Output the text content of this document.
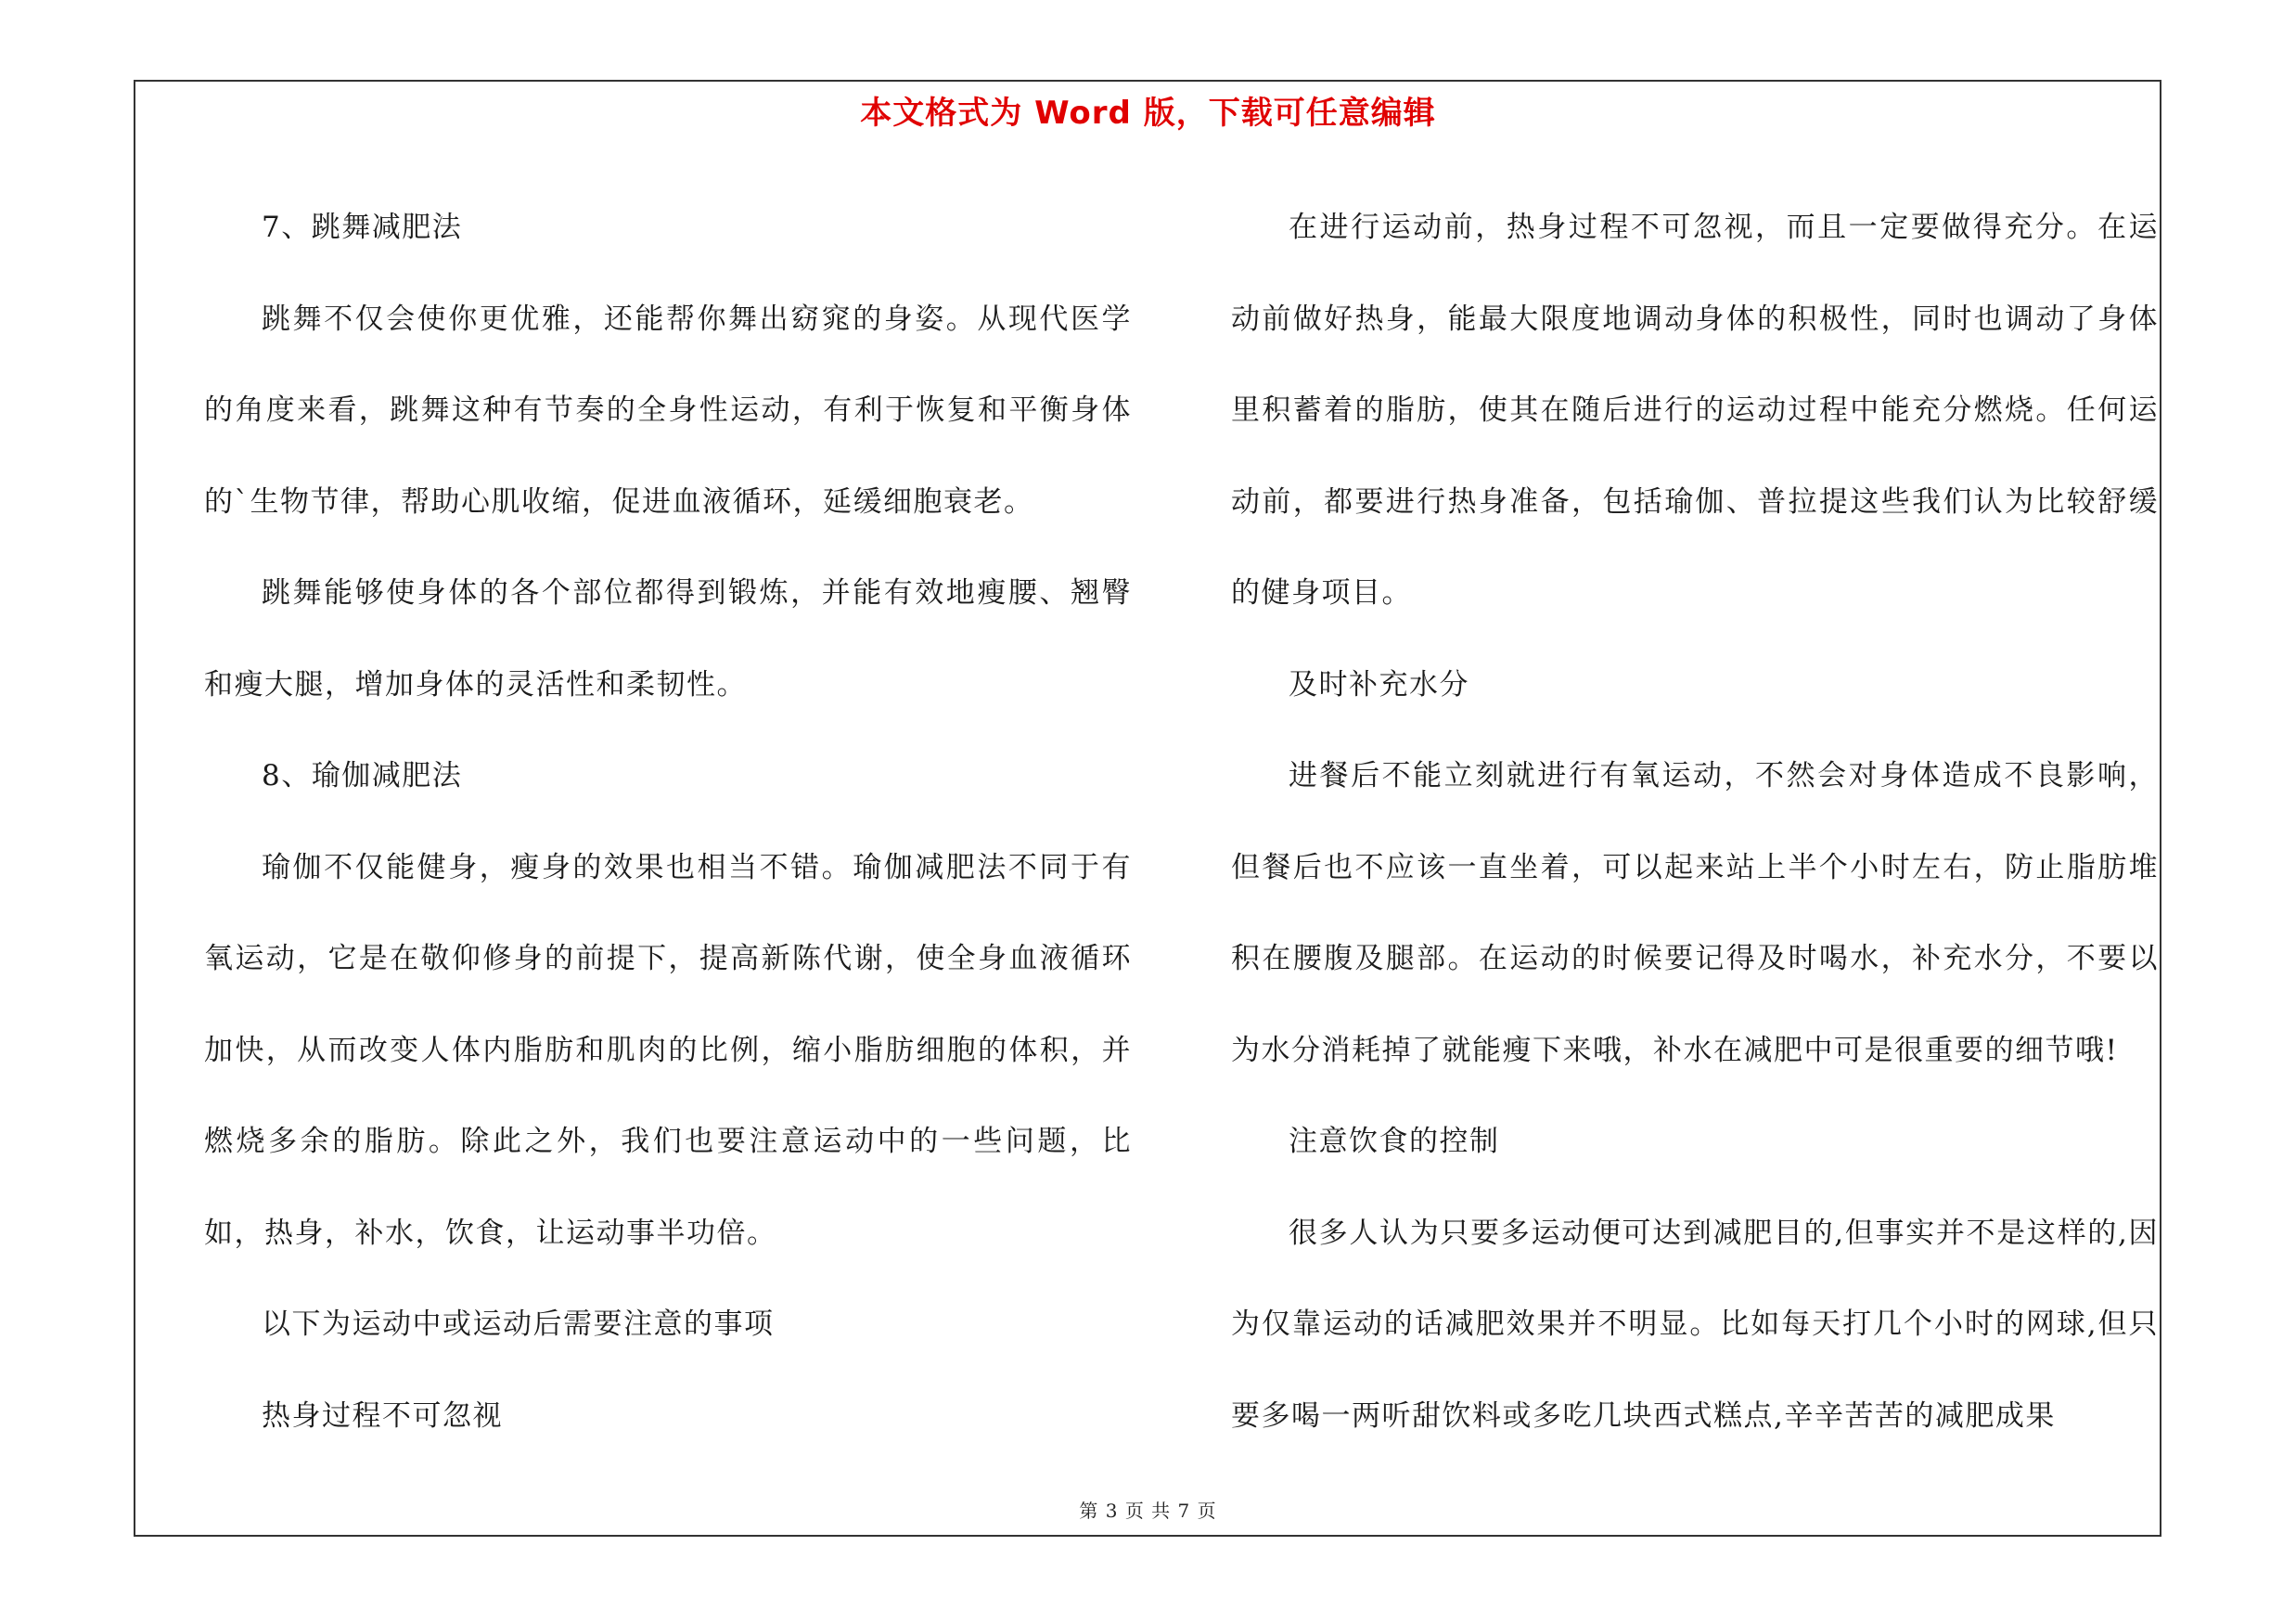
本文格式为 Word 版，下载可任意编辑

7、跳舞减肥法

跳舞不仅会使你更优雅，还能帮你舞出窈窕的身姿。从现代医学的角度来看，跳舞这种有节奏的全身性运动，有利于恢复和平衡身体的`生物节律，帮助心肌收缩，促进血液循环，延缓细胞衰老。

跳舞能够使身体的各个部位都得到锻炼，并能有效地瘦腰、翘臀和瘦大腿，增加身体的灵活性和柔韧性。

8、瑜伽减肥法

瑜伽不仅能健身，瘦身的效果也相当不错。瑜伽减肥法不同于有氧运动，它是在敬仰修身的前提下，提高新陈代谢，使全身血液循环加快，从而改变人体内脂肪和肌肉的比例，缩小脂肪细胞的体积，并燃烧多余的脂肪。除此之外，我们也要注意运动中的一些问题，比如，热身，补水，饮食，让运动事半功倍。

以下为运动中或运动后需要注意的事项

热身过程不可忽视

在进行运动前，热身过程不可忽视，而且一定要做得充分。在运动前做好热身，能最大限度地调动身体的积极性，同时也调动了身体里积蓄着的脂肪，使其在随后进行的运动过程中能充分燃烧。任何运动前，都要进行热身准备，包括瑜伽、普拉提这些我们认为比较舒缓的健身项目。

及时补充水分

进餐后不能立刻就进行有氧运动，不然会对身体造成不良影响，但餐后也不应该一直坐着，可以起来站上半个小时左右，防止脂肪堆积在腰腹及腿部。在运动的时候要记得及时喝水，补充水分，不要以为水分消耗掉了就能瘦下来哦，补水在减肥中可是很重要的细节哦!

注意饮食的控制

很多人认为只要多运动便可达到减肥目的,但事实并不是这样的,因为仅靠运动的话减肥效果并不明显。比如每天打几个小时的网球,但只要多喝一两听甜饮料或多吃几块西式糕点,辛辛苦苦的减肥成果

第 3 页 共 7 页
